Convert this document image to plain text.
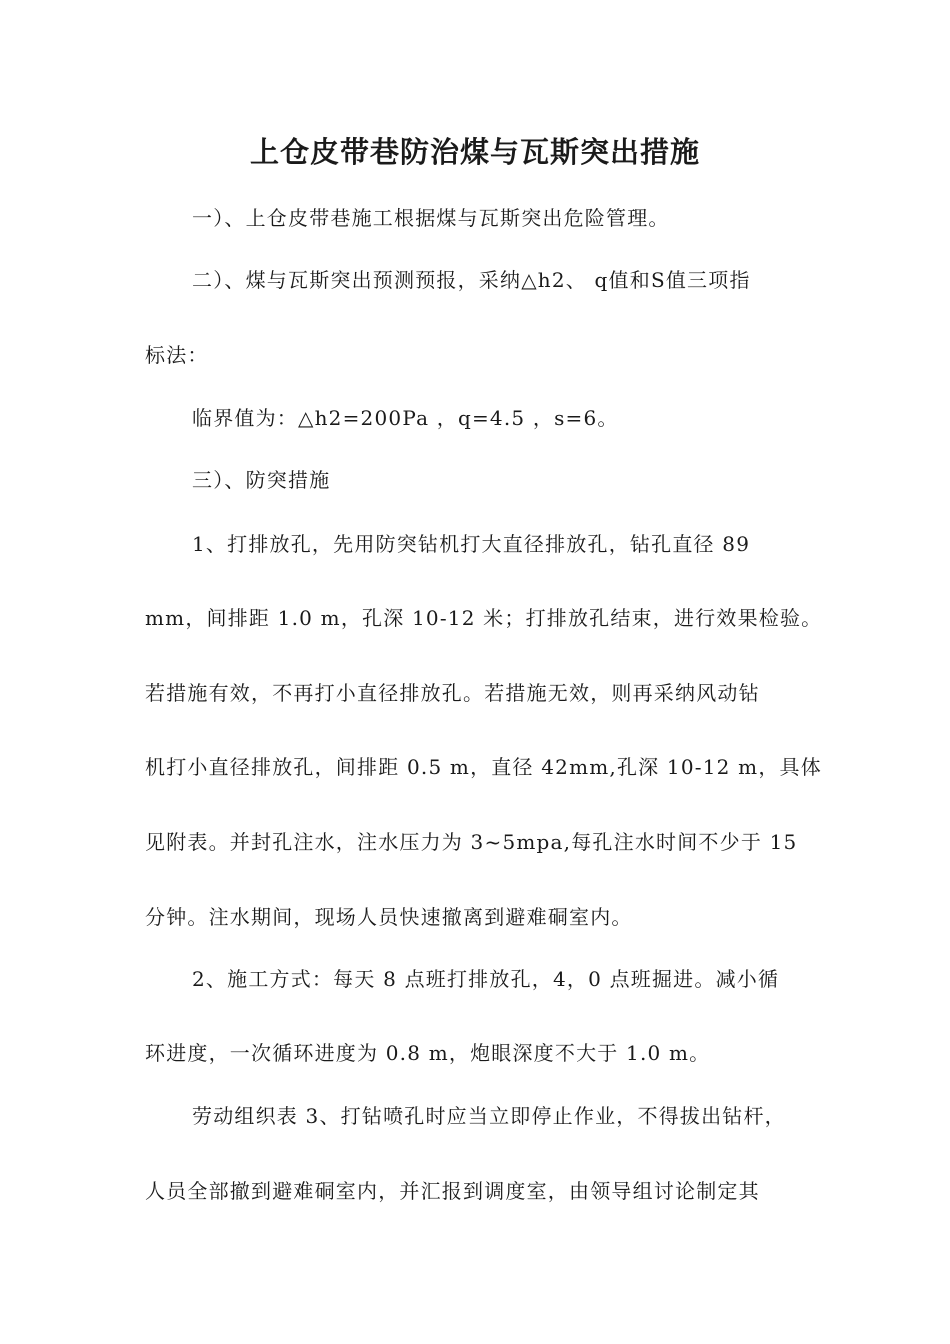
上仓皮带巷防治煤与瓦斯突出措施
一）、上仓皮带巷施工根据煤与瓦斯突出危险管理。
二）、煤与瓦斯突出预测预报，采纳△h2、 q值和S值三项指
标法：
临界值为：△h2=200Pa ，q=4.5 ，s=6。
三）、防突措施
1、打排放孔，先用防突钻机打大直径排放孔，钻孔直径 89
mm，间排距 1.0 m，孔深 10-12 米；打排放孔结束，进行效果检验。
若措施有效，不再打小直径排放孔。若措施无效，则再采纳风动钻
机打小直径排放孔，间排距 0.5 m，直径 42mm,孔深 10-12 m，具体
见附表。并封孔注水，注水压力为 3~5mpa,每孔注水时间不少于 15
分钟。注水期间，现场人员快速撤离到避难硐室内。
2、施工方式：每天 8 点班打排放孔，4，0 点班掘进。减小循
环进度，一次循环进度为 0.8 m，炮眼深度不大于 1.0 m。
劳动组织表 3、打钻喷孔时应当立即停止作业，不得拔出钻杆，
人员全部撤到避难硐室内，并汇报到调度室，由领导组讨论制定其
